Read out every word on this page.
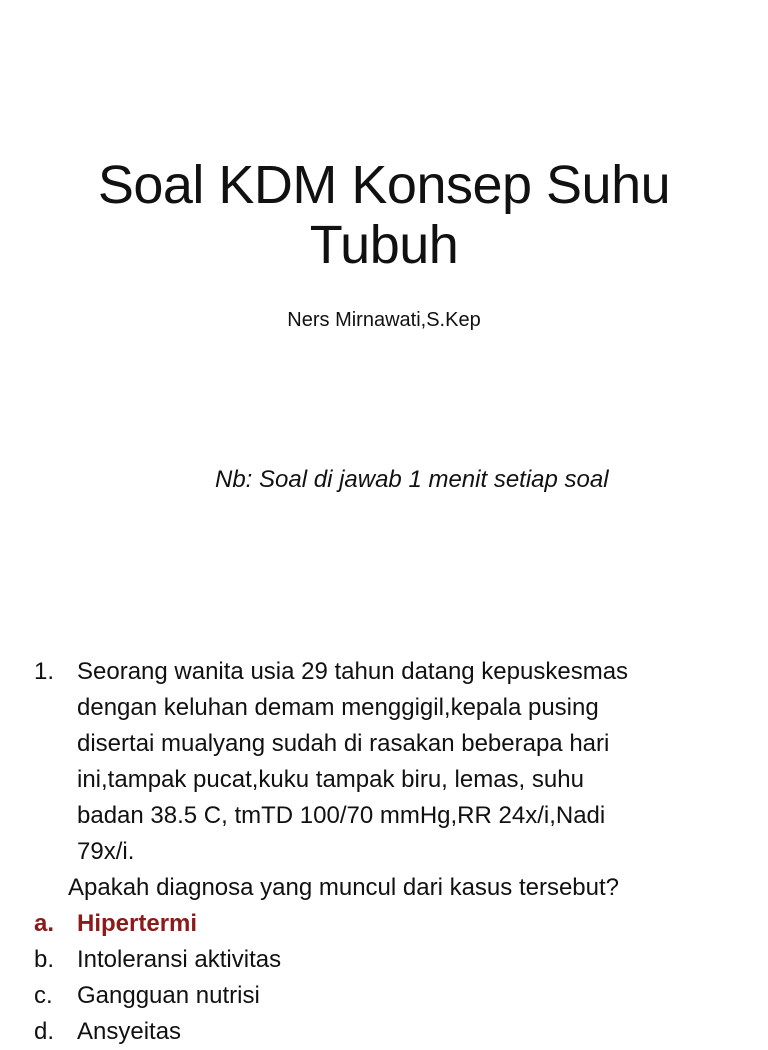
Soal KDM Konsep Suhu
Tubuh
Ners Mirnawati,S.Kep
Nb: Soal di jawab 1 menit setiap soal
1. Seorang wanita usia 29 tahun datang kepuskesmas
dengan keluhan demam menggigil,kepala pusing
disertai mualyang sudah di rasakan beberapa hari
ini,tampak pucat,kuku tampak biru, lemas, suhu
badan 38.5 C, tmTD 100/70 mmHg,RR 24x/i,Nadi
79x/i.
Apakah diagnosa yang muncul dari kasus tersebut?
a. Hipertermi
b. Intoleransi aktivitas
c. Gangguan nutrisi
d. Ansyeitas
